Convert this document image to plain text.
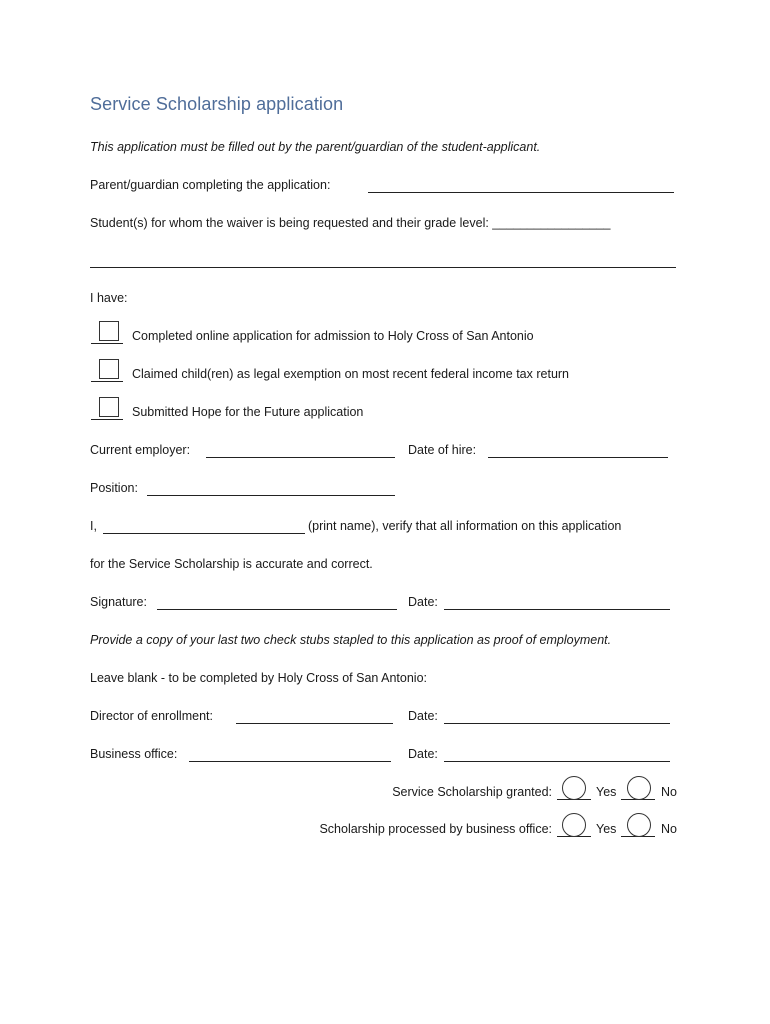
Service Scholarship application
This application must be filled out by the parent/guardian of the student-applicant.
Parent/guardian completing the application:
Student(s) for whom the waiver is being requested and their grade level: _________________
I have:
Completed online application for admission to Holy Cross of San Antonio
Claimed child(ren) as legal exemption on most recent federal income tax return
Submitted Hope for the Future application
Current employer:	Date of hire:
Position:
I,	(print name), verify that all information on this application
for the Service Scholarship is accurate and correct.
Signature:	Date:
Provide a copy of your last two check stubs stapled to this application as proof of employment.
Leave blank - to be completed by Holy Cross of San Antonio:
Director of enrollment:	Date:
Business office:	Date:
Service Scholarship granted:	Yes	No
Scholarship processed by business office:	Yes	No
